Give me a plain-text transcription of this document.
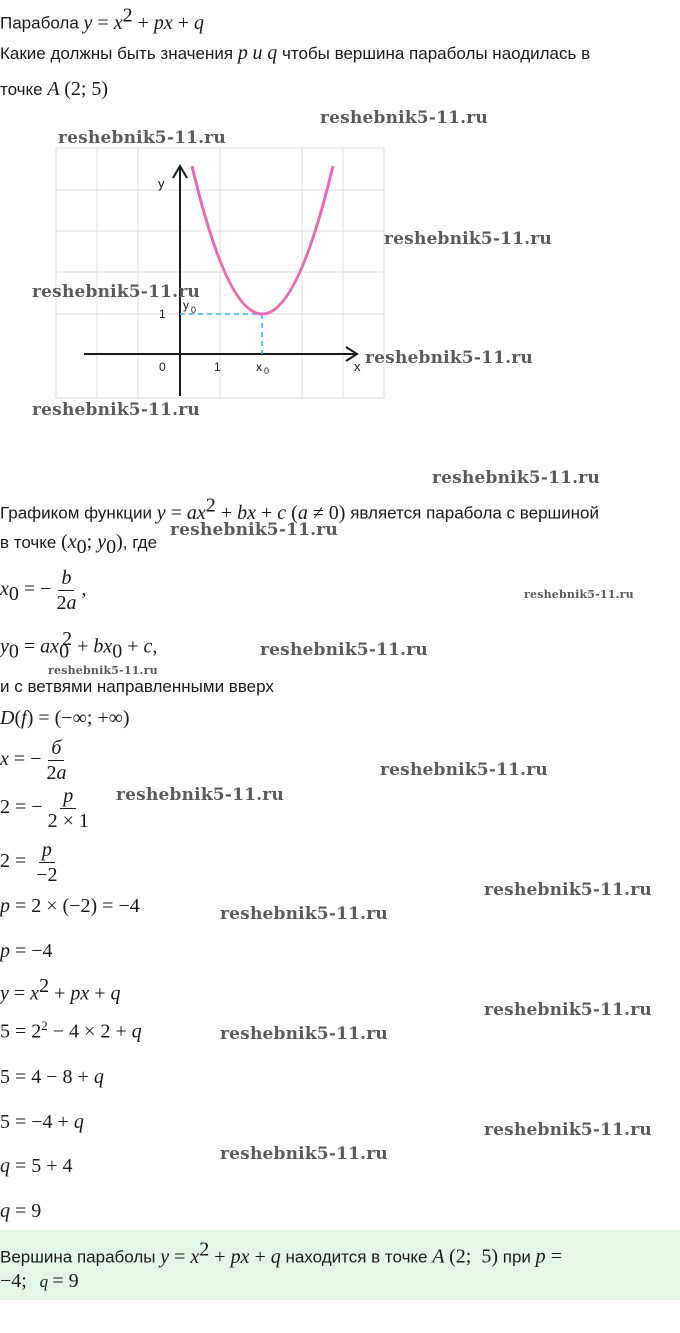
Парабола $y = x^2$ + px + q
Какие должны быть значения p и q чтобы вершина параболы наодилась в
точке A (2; 5)
y
x
y 0
1
0	1	x 0
Графиком функции $y = ax^2$ + bx + c (a ≠ 0) является парабола с вершиной
в точке ($x_0$; $y_0$), где
$x_0$ = − $\frac{b}{2a}$ ,
$y_0 = ax_0^2 + bx_0 + c$,
и с ветвями направленными вверх
D(f) = (−∞; +∞)
x = − $\frac{б}{2a}$
2 = − $\frac{p}{2 \times 1}$
$2 = \frac{p}{-2}$
p = 2 × (−2) = −4
p = −4
$y = x^2$ + px + q
$5 = 2^2 - 4 \times 2 + q$
5 = 4 − 8 + q
5 = −4 + q
q = 5 + 4
q = 9
Вершина параболы $y = x^2$ + px + q находится в точке A (2;  5) при p =
−4;   q = 9
reshebnik5-11.ru
reshebnik5-11.ru
reshebnik5-11.ru
reshebnik5-11.ru
reshebnik5-11.ru
reshebnik5-11.ru
reshebnik5-11.ru
reshebnik5-11.ru
reshebnik5-11.ru
reshebnik5-11.ru
reshebnik5-11.ru
reshebnik5-11.ru
reshebnik5-11.ru
reshebnik5-11.ru
reshebnik5-11.ru
reshebnik5-11.ru
reshebnik5-11.ru
reshebnik5-11.ru
reshebnik5-11.ru
